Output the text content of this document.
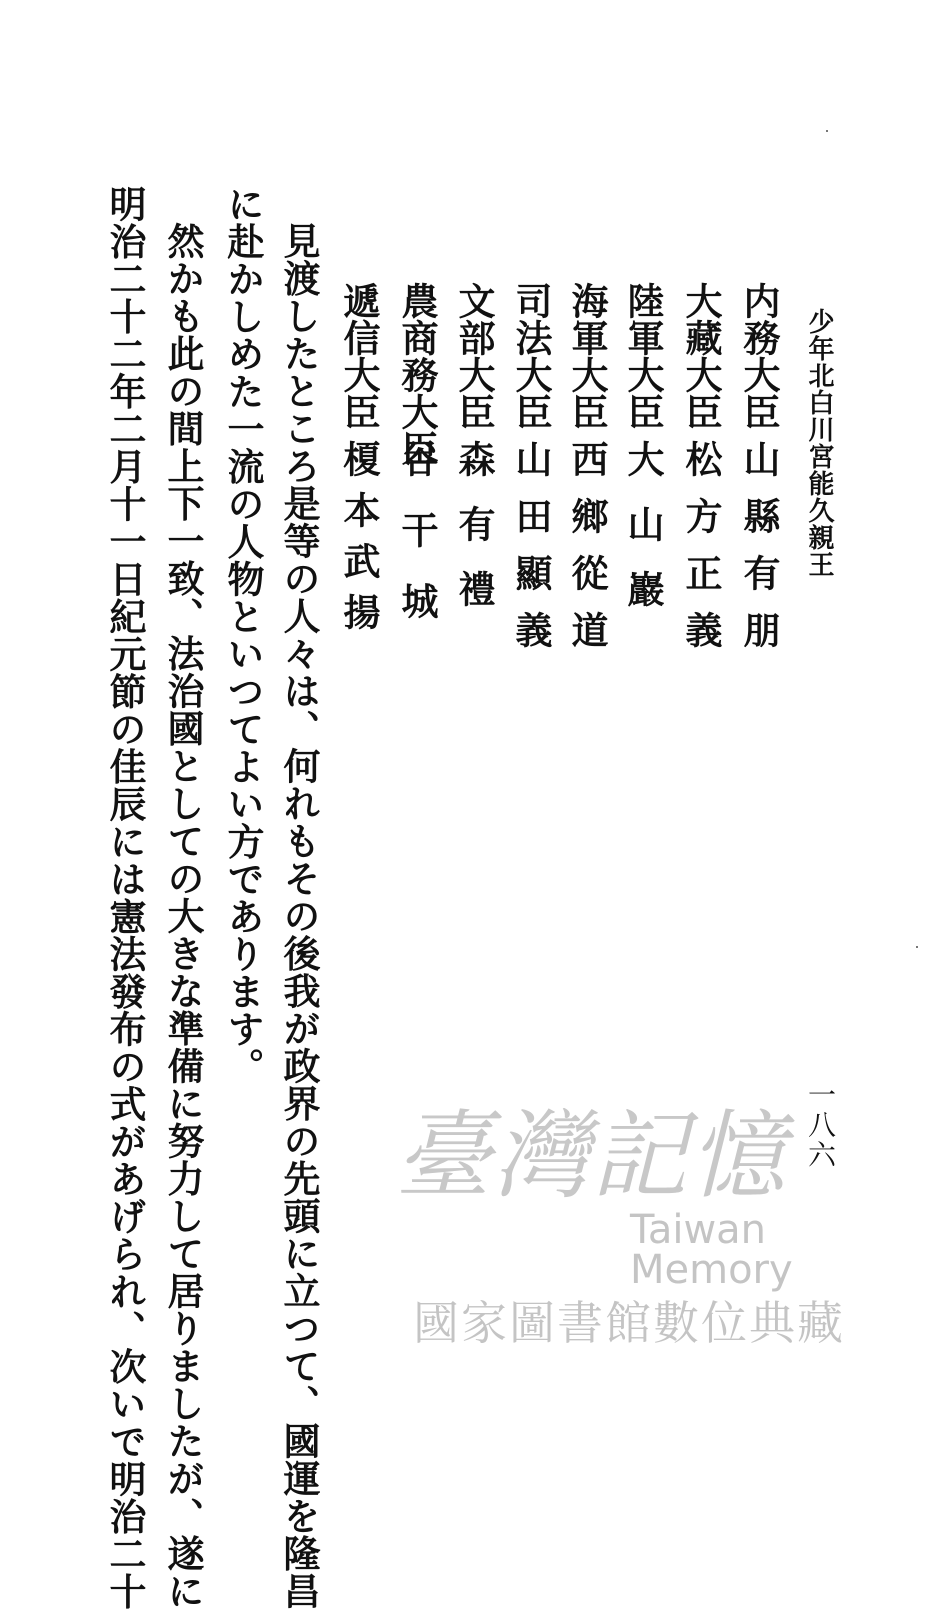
少年北白川宮能久親王
一八六
内務大臣
山縣有朋
大藏大臣
松方正義
陸軍大臣
大山巖
海軍大臣
西鄉從道
司法大臣
山田顯義
文部大臣
森有禮
農商務大臣
谷干城
遞信大臣
榎本武揚
見渡したところ是等の人々は、何れもその後我が政界の先頭に立つて、國運を隆昌
に赴かしめた一流の人物といつてよい方であります。
然かも此の間上下一致、法治國としての大きな準備に努力して居りましたが、遂に
明治二十二年二月十一日紀元節の佳辰には憲法發布の式があげられ、次いで明治二十	臺灣記憶
Taiwan Memory
國家圖書館數位典藏
